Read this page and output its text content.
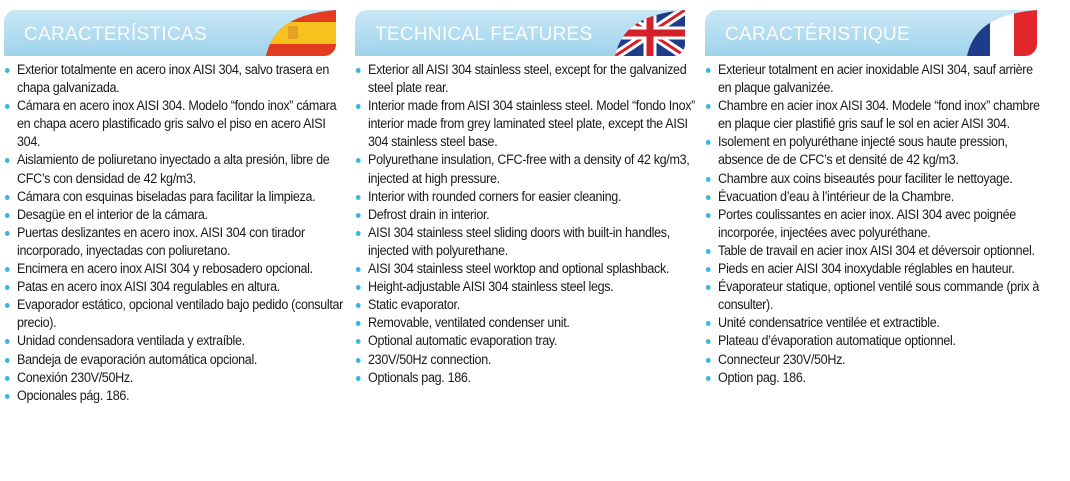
CARACTERÍSTICAS
Exterior totalmente en acero inox AISI 304, salvo trasera en chapa galvanizada.
Cámara en acero inox AISI 304. Modelo “fondo inox” cámara en chapa acero plastificado gris salvo el piso en acero AISI 304.
Aislamiento de poliuretano inyectado a alta presión, libre de CFC’s con densidad de 42 kg/m3.
Cámara con esquinas biseladas para facilitar la limpieza.
Desagüe en el interior de la cámara.
Puertas deslizantes en acero inox. AISI 304 con tirador incorporado, inyectadas con poliuretano.
Encimera en acero inox AISI 304 y rebosadero opcional.
Patas en acero inox AISI 304 regulables en altura.
Evaporador estático, opcional ventilado bajo pedido (consultar precio).
Unidad condensadora ventilada y extraíble.
Bandeja de evaporación automática opcional.
Conexión 230V/50Hz.
Opcionales pág. 186.
TECHNICAL FEATURES
Exterior all AISI 304 stainless steel, except for the galvanized steel plate rear.
Interior made from AISI 304 stainless steel. Model “fondo Inox” interior made from grey laminated steel plate, except the AISI 304 stainless steel base.
Polyurethane insulation, CFC-free with a density of 42 kg/m3, injected at high pressure.
Interior with rounded corners for easier cleaning.
Defrost drain in interior.
AISI 304 stainless steel sliding doors with built-in handles, injected with polyurethane.
AISI 304 stainless steel worktop and optional splashback.
Height-adjustable AISI 304 stainless steel legs.
Static evaporator.
Removable, ventilated condenser unit.
Optional automatic evaporation tray.
230V/50Hz connection.
Optionals pag. 186.
CARACTÉRISTIQUE
Exterieur totalment en acier inoxidable AISI 304, sauf arrière en plaque galvanizée.
Chambre en acier inox AISI 304. Modele “fond inox” chambre en plaque cier plastifié gris sauf le sol en acier AISI 304.
Isolement en polyuréthane injecté sous haute pression, absence de de CFC’s et densité de 42 kg/m3.
Chambre aux coins biseautés pour faciliter le nettoyage.
Évacuation d’eau à l’intérieur de la Chambre.
Portes coulissantes en acier inox. AISI 304 avec poignée incorporée, injectées avec polyuréthane.
Table de travail en acier inox AISI 304 et déversoir optionnel.
Pieds en acier AISI 304 inoxydable réglables en hauteur.
Évaporateur statique, optionel ventilé sous commande (prix à consulter).
Unité condensatrice ventilée et extractible.
Plateau d’évaporation automatique optionnel.
Connecteur 230V/50Hz.
Option pag. 186.
